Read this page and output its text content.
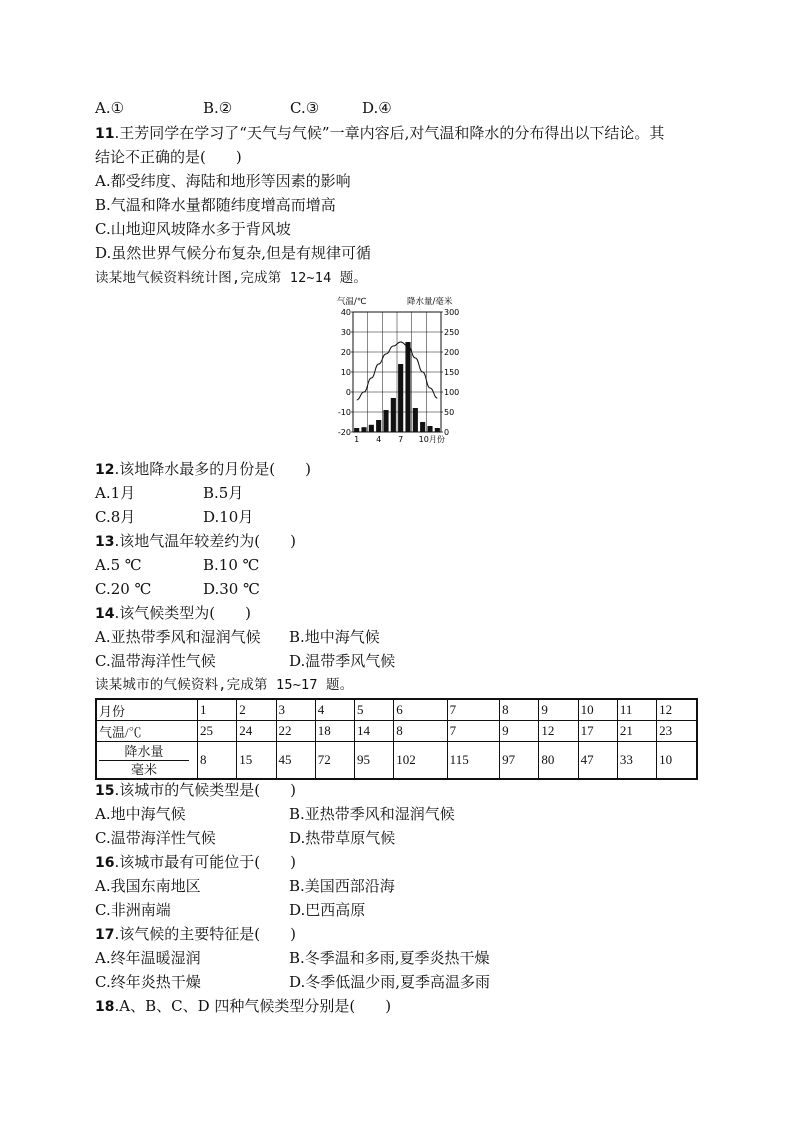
A.①	B.②	C.③	D.④
11.王芳同学在学习了“天气与气候”一章内容后,对气温和降水的分布得出以下结论。其
结论不正确的是(　　)
A.都受纬度、海陆和地形等因素的影响
B.气温和降水量都随纬度增高而增高
C.山地迎风坡降水多于背风坡
D.虽然世界气候分布复杂,但是有规律可循
读某地气候资料统计图,完成第 12~14 题。
气温/℃	降水量/毫米
40
30
20
10
0
-10
-20
300
250
200
150
100
50
0
1 4 7 10月份
12.该地降水最多的月份是(　　)
A.1月	B.5月
C.8月	D.10月
13.该地气温年较差约为(　　)
A.5 ℃	B.10 ℃
C.20 ℃	D.30 ℃
14.该气候类型为(　　)
A.亚热带季风和湿润气候 B.地中海气候
C.温带海洋性气候	D.温带季风气候
读某城市的气候资料,完成第 15~17 题。
月份	1	2	3	4	5	6	7	8	9	10	11	12
气温/℃	25	24	22	18	14	8	7	9	12	17	21	23

$\frac{\text{降水量}}{\text{毫米}}$	8	15	45	72	95	102	115	97	80	47	33	10
15.该城市的气候类型是(　　)
A.地中海气候	B.亚热带季风和湿润气候
C.温带海洋性气候	D.热带草原气候
16.该城市最有可能位于(　　)
A.我国东南地区	B.美国西部沿海
C.非洲南端	D.巴西高原
17.该气候的主要特征是(　　)
A.终年温暖湿润	B.冬季温和多雨,夏季炎热干燥
C.终年炎热干燥	D.冬季低温少雨,夏季高温多雨
18.A、B、C、D 四种气候类型分别是(　　)
